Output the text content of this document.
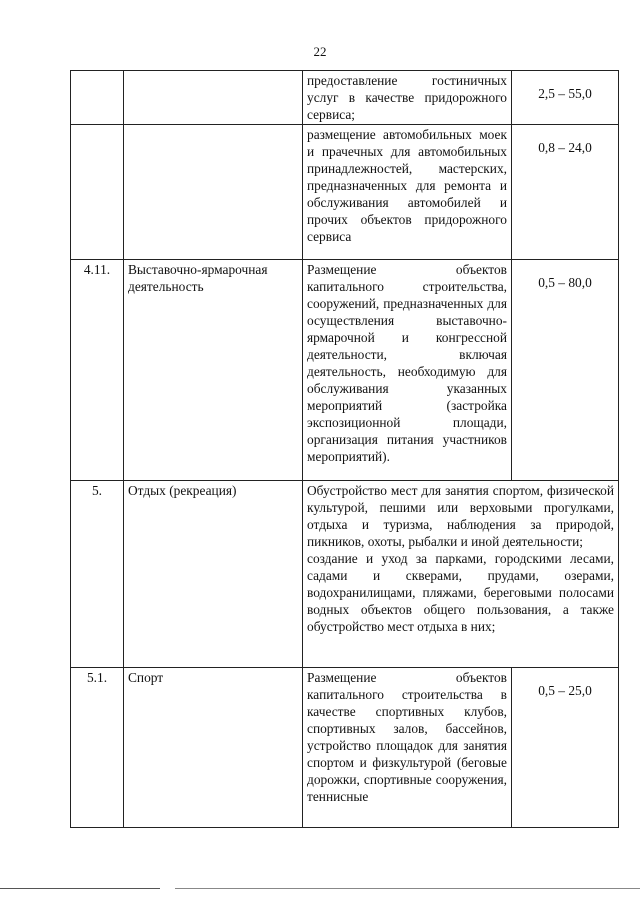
22
		предоставление гостиничных услуг в качестве придорожного сервиса;	2,5 – 55,0
		размещение автомобильных моек и прачечных для автомобильных принадлежностей, мастерских, предназначенных для ремонта и обслуживания автомобилей и прочих объектов придорожного сервиса	0,8 – 24,0
4.11.	Выставочно-ярмарочная деятельность	Размещение объектов капитального строительства, сооружений, предназначенных для осуществления выставочно-ярмарочной и конгрессной деятельности, включая деятельность, необходимую для обслуживания указанных мероприятий (застройка экспозиционной площади, организация питания участников мероприятий).	0,5 – 80,0
5.	Отдых (рекреация)	Обустройство мест для занятия спортом, физической культурой, пешими или верховыми прогулками, отдыха и туризма, наблюдения за природой, пикников, охоты, рыбалки и иной деятельности;
создание и уход за парками, городскими лесами, садами и скверами, прудами, озерами, водохранилищами, пляжами, береговыми полосами водных объектов общего пользования, а также обустройство мест отдыха в них;	

5.1.	Спорт	Размещение объектов капитального строительства в качестве спортивных клубов, спортивных залов, бассейнов, устройство площадок для занятия спортом и физкультурой (беговые дорожки, спортивные сооружения, теннисные	0,5 – 25,0
